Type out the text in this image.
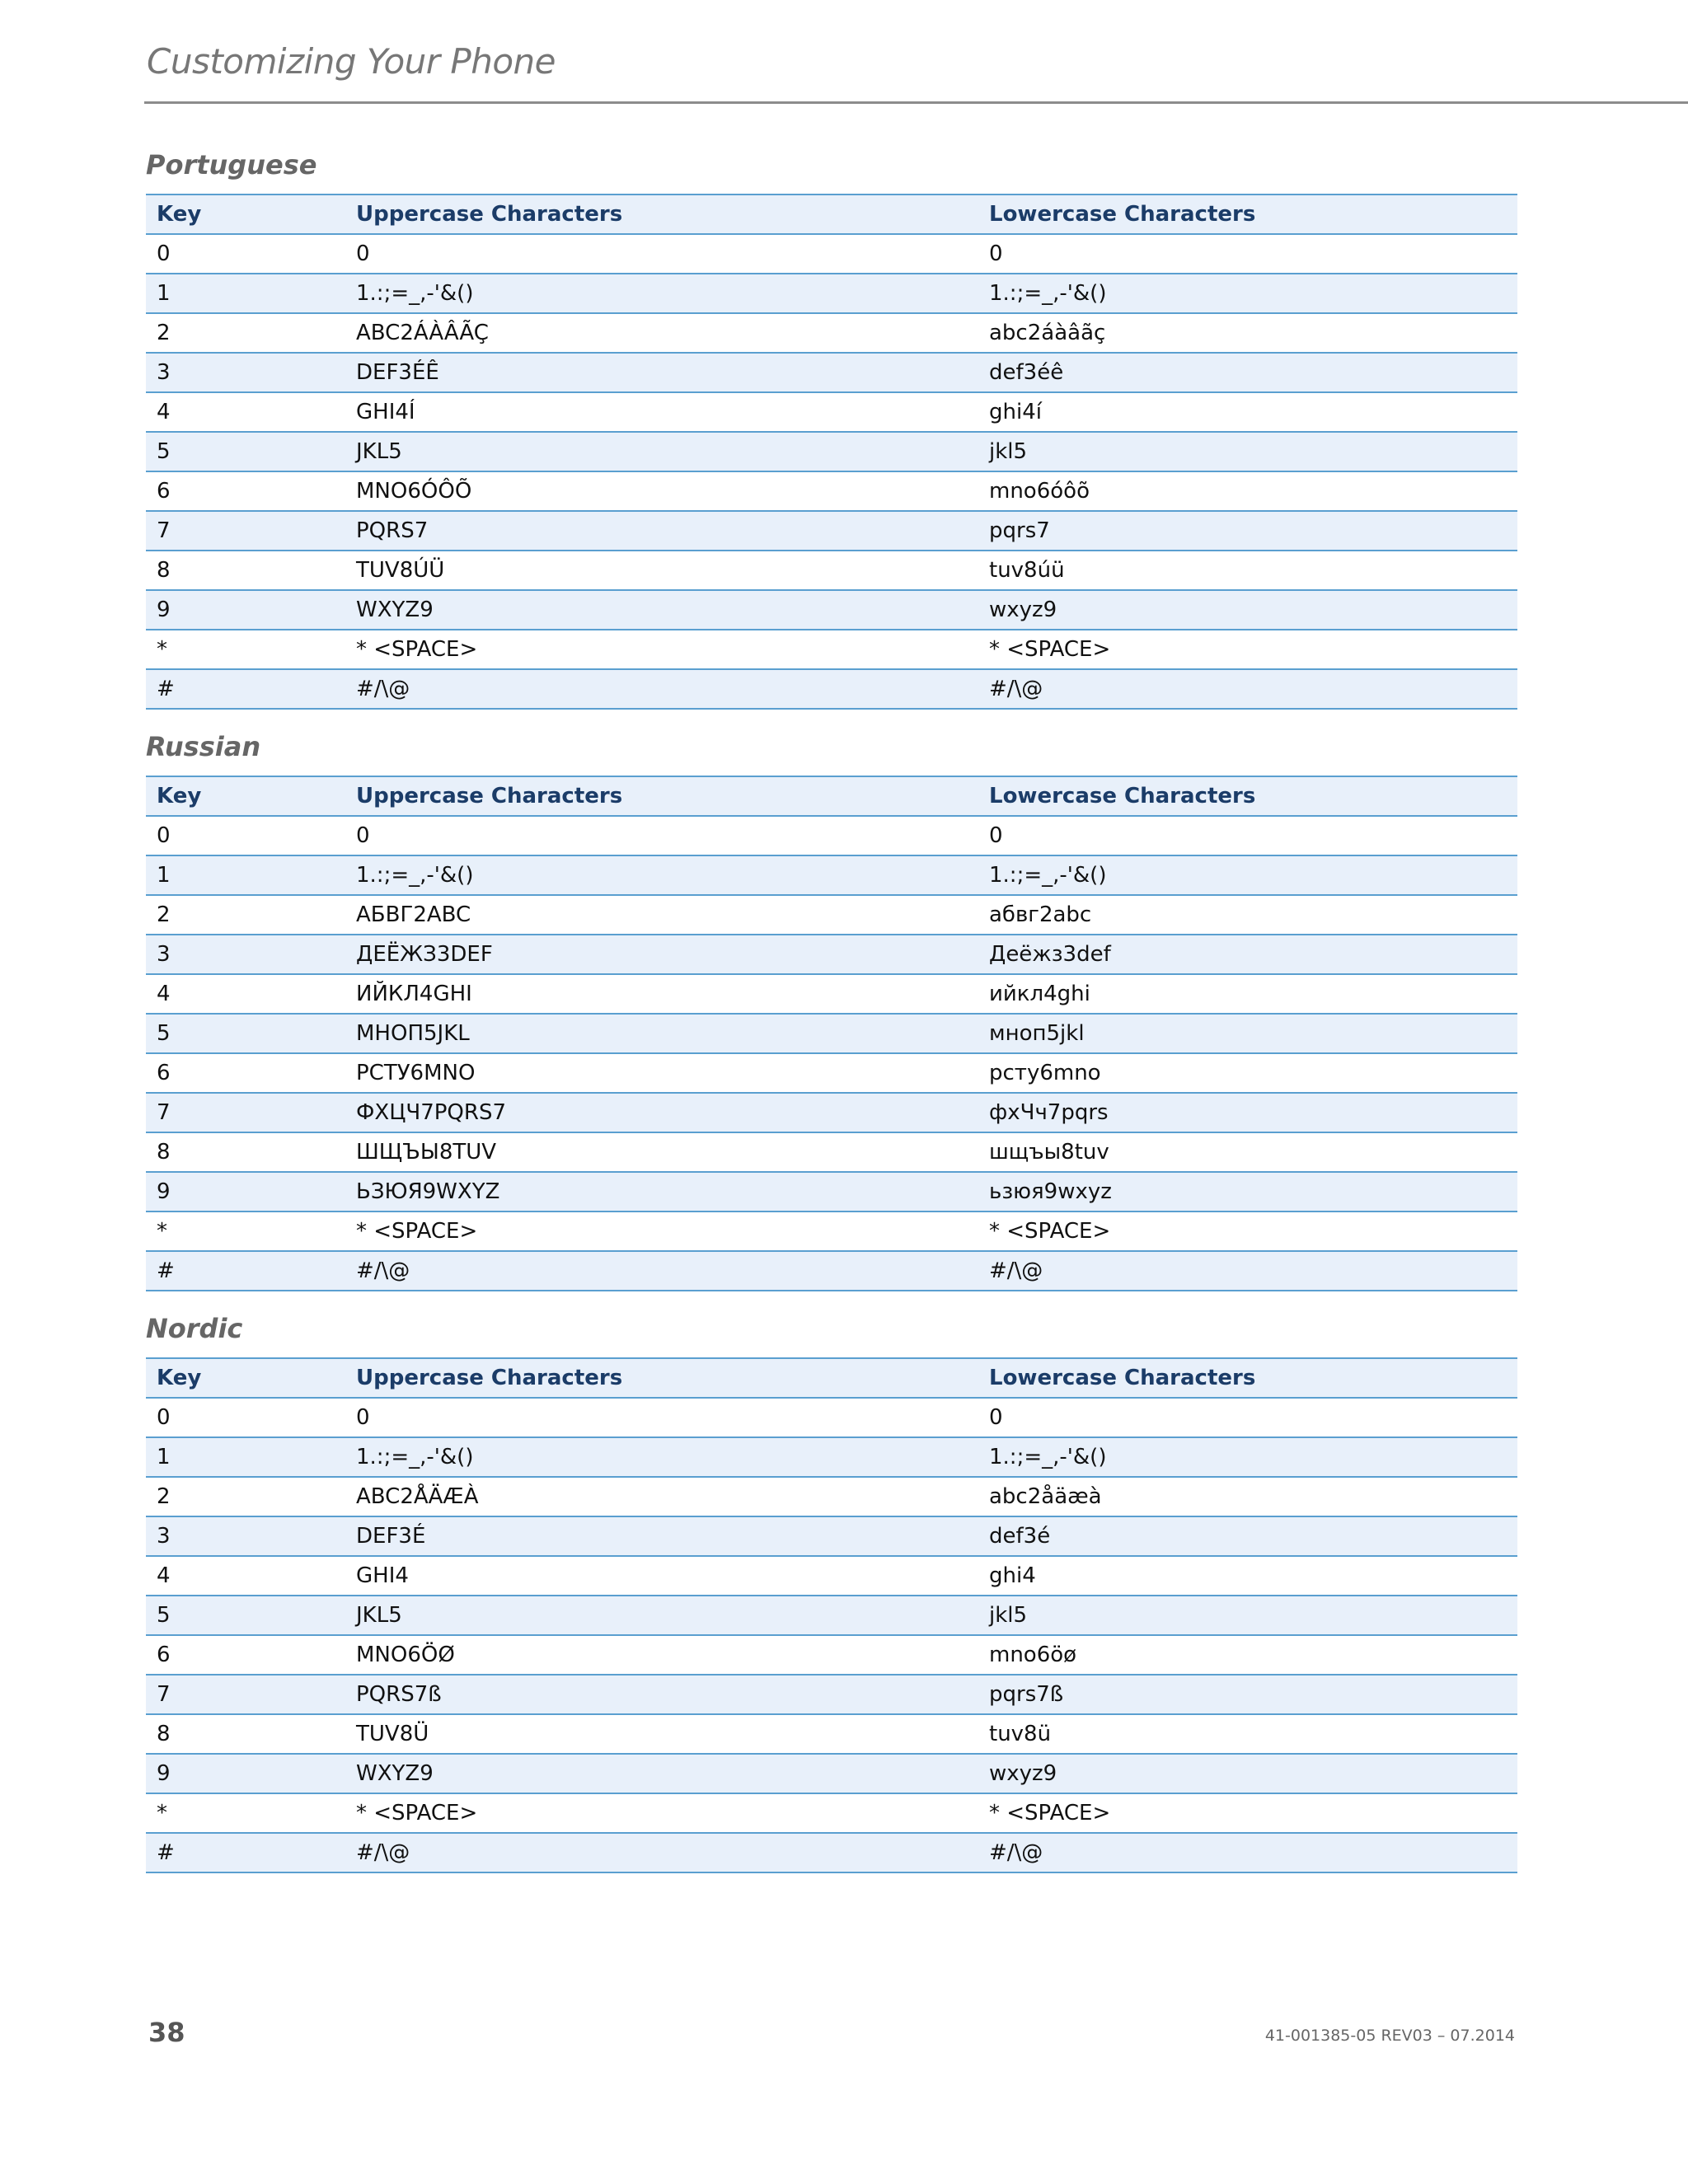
Customizing Your Phone
Portuguese
Key	Uppercase Characters	Lowercase Characters
0	0	0
1	1.:;=_,-'&()	1.:;=_,-'&()
2	ABC2ÁÀÂÃÇ	abc2áàâãç
3	DEF3ÉÊ	def3éê
4	GHI4Í	ghi4í
5	JKL5	jkl5
6	MNO6ÓÔÕ	mno6óôõ
7	PQRS7	pqrs7
8	TUV8ÚÜ	tuv8úü
9	WXYZ9	wxyz9
*	* <SPACE>	* <SPACE>
#	#/\@	#/\@
Russian
Key	Uppercase Characters	Lowercase Characters
0	0	0
1	1.:;=_,-'&()	1.:;=_,-'&()
2	АБВГ2ABC	абвг2abc
3	ДЕЁЖЗ3DEF	Деёжз3def
4	ИЙКЛ4GHI	ийкл4ghi
5	МНОП5JKL	мноп5jkl
6	РСТУ6MNO	рсту6mno
7	ФХЦЧ7PQRS7	фхЧч7pqrs
8	ШЩЪЫ8TUV	шщъы8tuv
9	ЬЗЮЯ9WXYZ	ьзюя9wxyz
*	* <SPACE>	* <SPACE>
#	#/\@	#/\@
Nordic
Key	Uppercase Characters	Lowercase Characters
0	0	0
1	1.:;=_,-'&()	1.:;=_,-'&()
2	ABC2ÅÄÆÀ	abc2åäæà
3	DEF3É	def3é
4	GHI4	ghi4
5	JKL5	jkl5
6	MNO6ÖØ	mno6öø
7	PQRS7ß	pqrs7ß
8	TUV8Ü	tuv8ü
9	WXYZ9	wxyz9
*	* <SPACE>	* <SPACE>
#	#/\@	#/\@
38	41-001385-05 REV03 – 07.2014
